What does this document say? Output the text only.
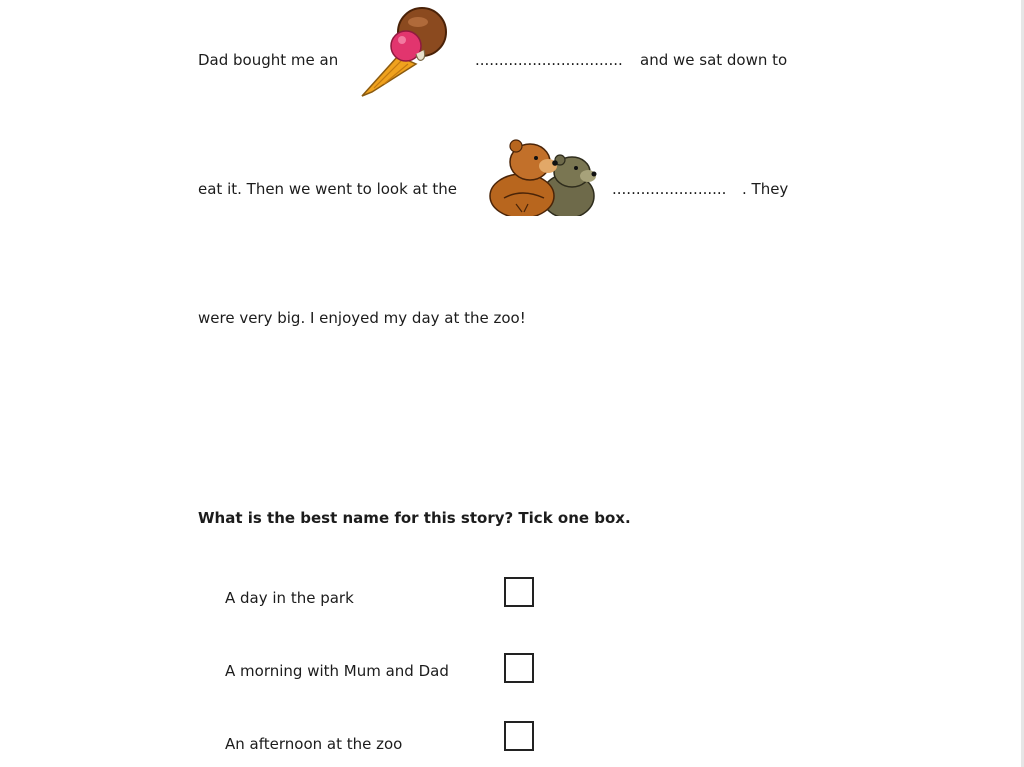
Dad bought me an	............................... and we sat down to
eat it. Then we went to look at the	........................ . They
were very big. I enjoyed my day at the zoo!
What is the best name for this story? Tick one box.
A day in the park
A morning with Mum and Dad
An afternoon at the zoo
